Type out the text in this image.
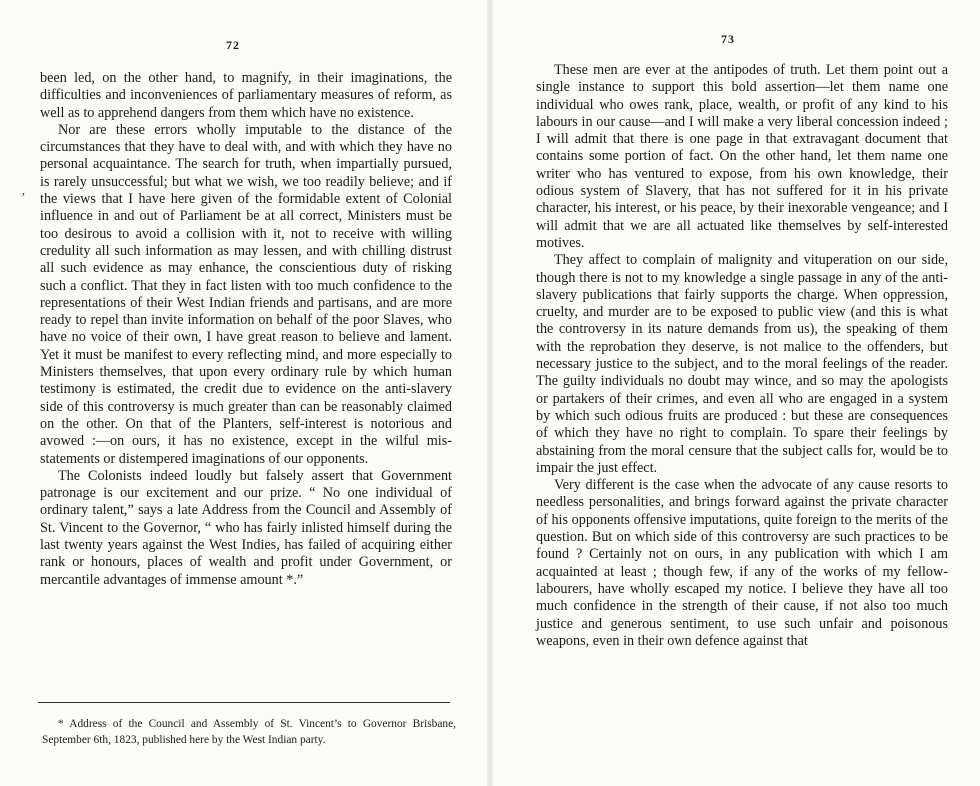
72
,

been led, on the other hand, to magnify, in their imaginations, the difficulties and inconveniences of parliamentary measures of reform, as well as to apprehend dangers from them which have no existence.

Nor are these errors wholly imputable to the distance of the circumstances that they have to deal with, and with which they have no personal acquaintance. The search for truth, when impartially pursued, is rarely unsuccessful; but what we wish, we too readily believe; and if the views that I have here given of the formidable extent of Colonial influence in and out of Parliament be at all correct, Ministers must be too desirous to avoid a collision with it, not to receive with willing credulity all such information as may lessen, and with chilling distrust all such evidence as may enhance, the conscientious duty of risking such a conflict. That they in fact listen with too much confidence to the representations of their West Indian friends and partisans, and are more ready to repel than invite information on behalf of the poor Slaves, who have no voice of their own, I have great reason to believe and lament. Yet it must be manifest to every reflecting mind, and more especially to Ministers themselves, that upon every ordinary rule by which human testimony is estimated, the credit due to evidence on the anti-slavery side of this controversy is much greater than can be reasonably claimed on the other. On that of the Planters, self-interest is notorious and avowed :—on ours, it has no existence, except in the wilful mis-statements or distempered imaginations of our opponents.

The Colonists indeed loudly but falsely assert that Government patronage is our excitement and our prize. “ No one individual of ordinary talent,” says a late Address from the Council and Assembly of St. Vincent to the Governor, “ who has fairly inlisted himself during the last twenty years against the West Indies, has failed of acquiring either rank or honours, places of wealth and profit under Government, or mercantile advantages of immense amount *.”

* Address of the Council and Assembly of St. Vincent’s to Governor Brisbane, September 6th, 1823, published here by the West Indian party.

73

These men are ever at the antipodes of truth. Let them point out a single instance to support this bold assertion—let them name one individual who owes rank, place, wealth, or profit of any kind to his labours in our cause—and I will make a very liberal concession indeed ; I will admit that there is one page in that extravagant document that contains some portion of fact. On the other hand, let them name one writer who has ventured to expose, from his own knowledge, their odious system of Slavery, that has not suffered for it in his private character, his interest, or his peace, by their inexorable vengeance; and I will admit that we are all actuated like themselves by self-interested motives.

They affect to complain of malignity and vituperation on our side, though there is not to my knowledge a single passage in any of the anti-slavery publications that fairly supports the charge. When oppression, cruelty, and murder are to be exposed to public view (and this is what the controversy in its nature demands from us), the speaking of them with the reprobation they deserve, is not malice to the offenders, but necessary justice to the subject, and to the moral feelings of the reader. The guilty individuals no doubt may wince, and so may the apologists or partakers of their crimes, and even all who are engaged in a system by which such odious fruits are produced : but these are consequences of which they have no right to complain. To spare their feelings by abstaining from the moral censure that the subject calls for, would be to impair the just effect.

Very different is the case when the advocate of any cause resorts to needless personalities, and brings forward against the private character of his opponents offensive imputations, quite foreign to the merits of the question. But on which side of this controversy are such practices to be found ? Certainly not on ours, in any publication with which I am acquainted at least ; though few, if any of the works of my fellow-labourers, have wholly escaped my notice. I believe they have all too much confidence in the strength of their cause, if not also too much justice and generous sentiment, to use such unfair and poisonous weapons, even in their own defence against that
